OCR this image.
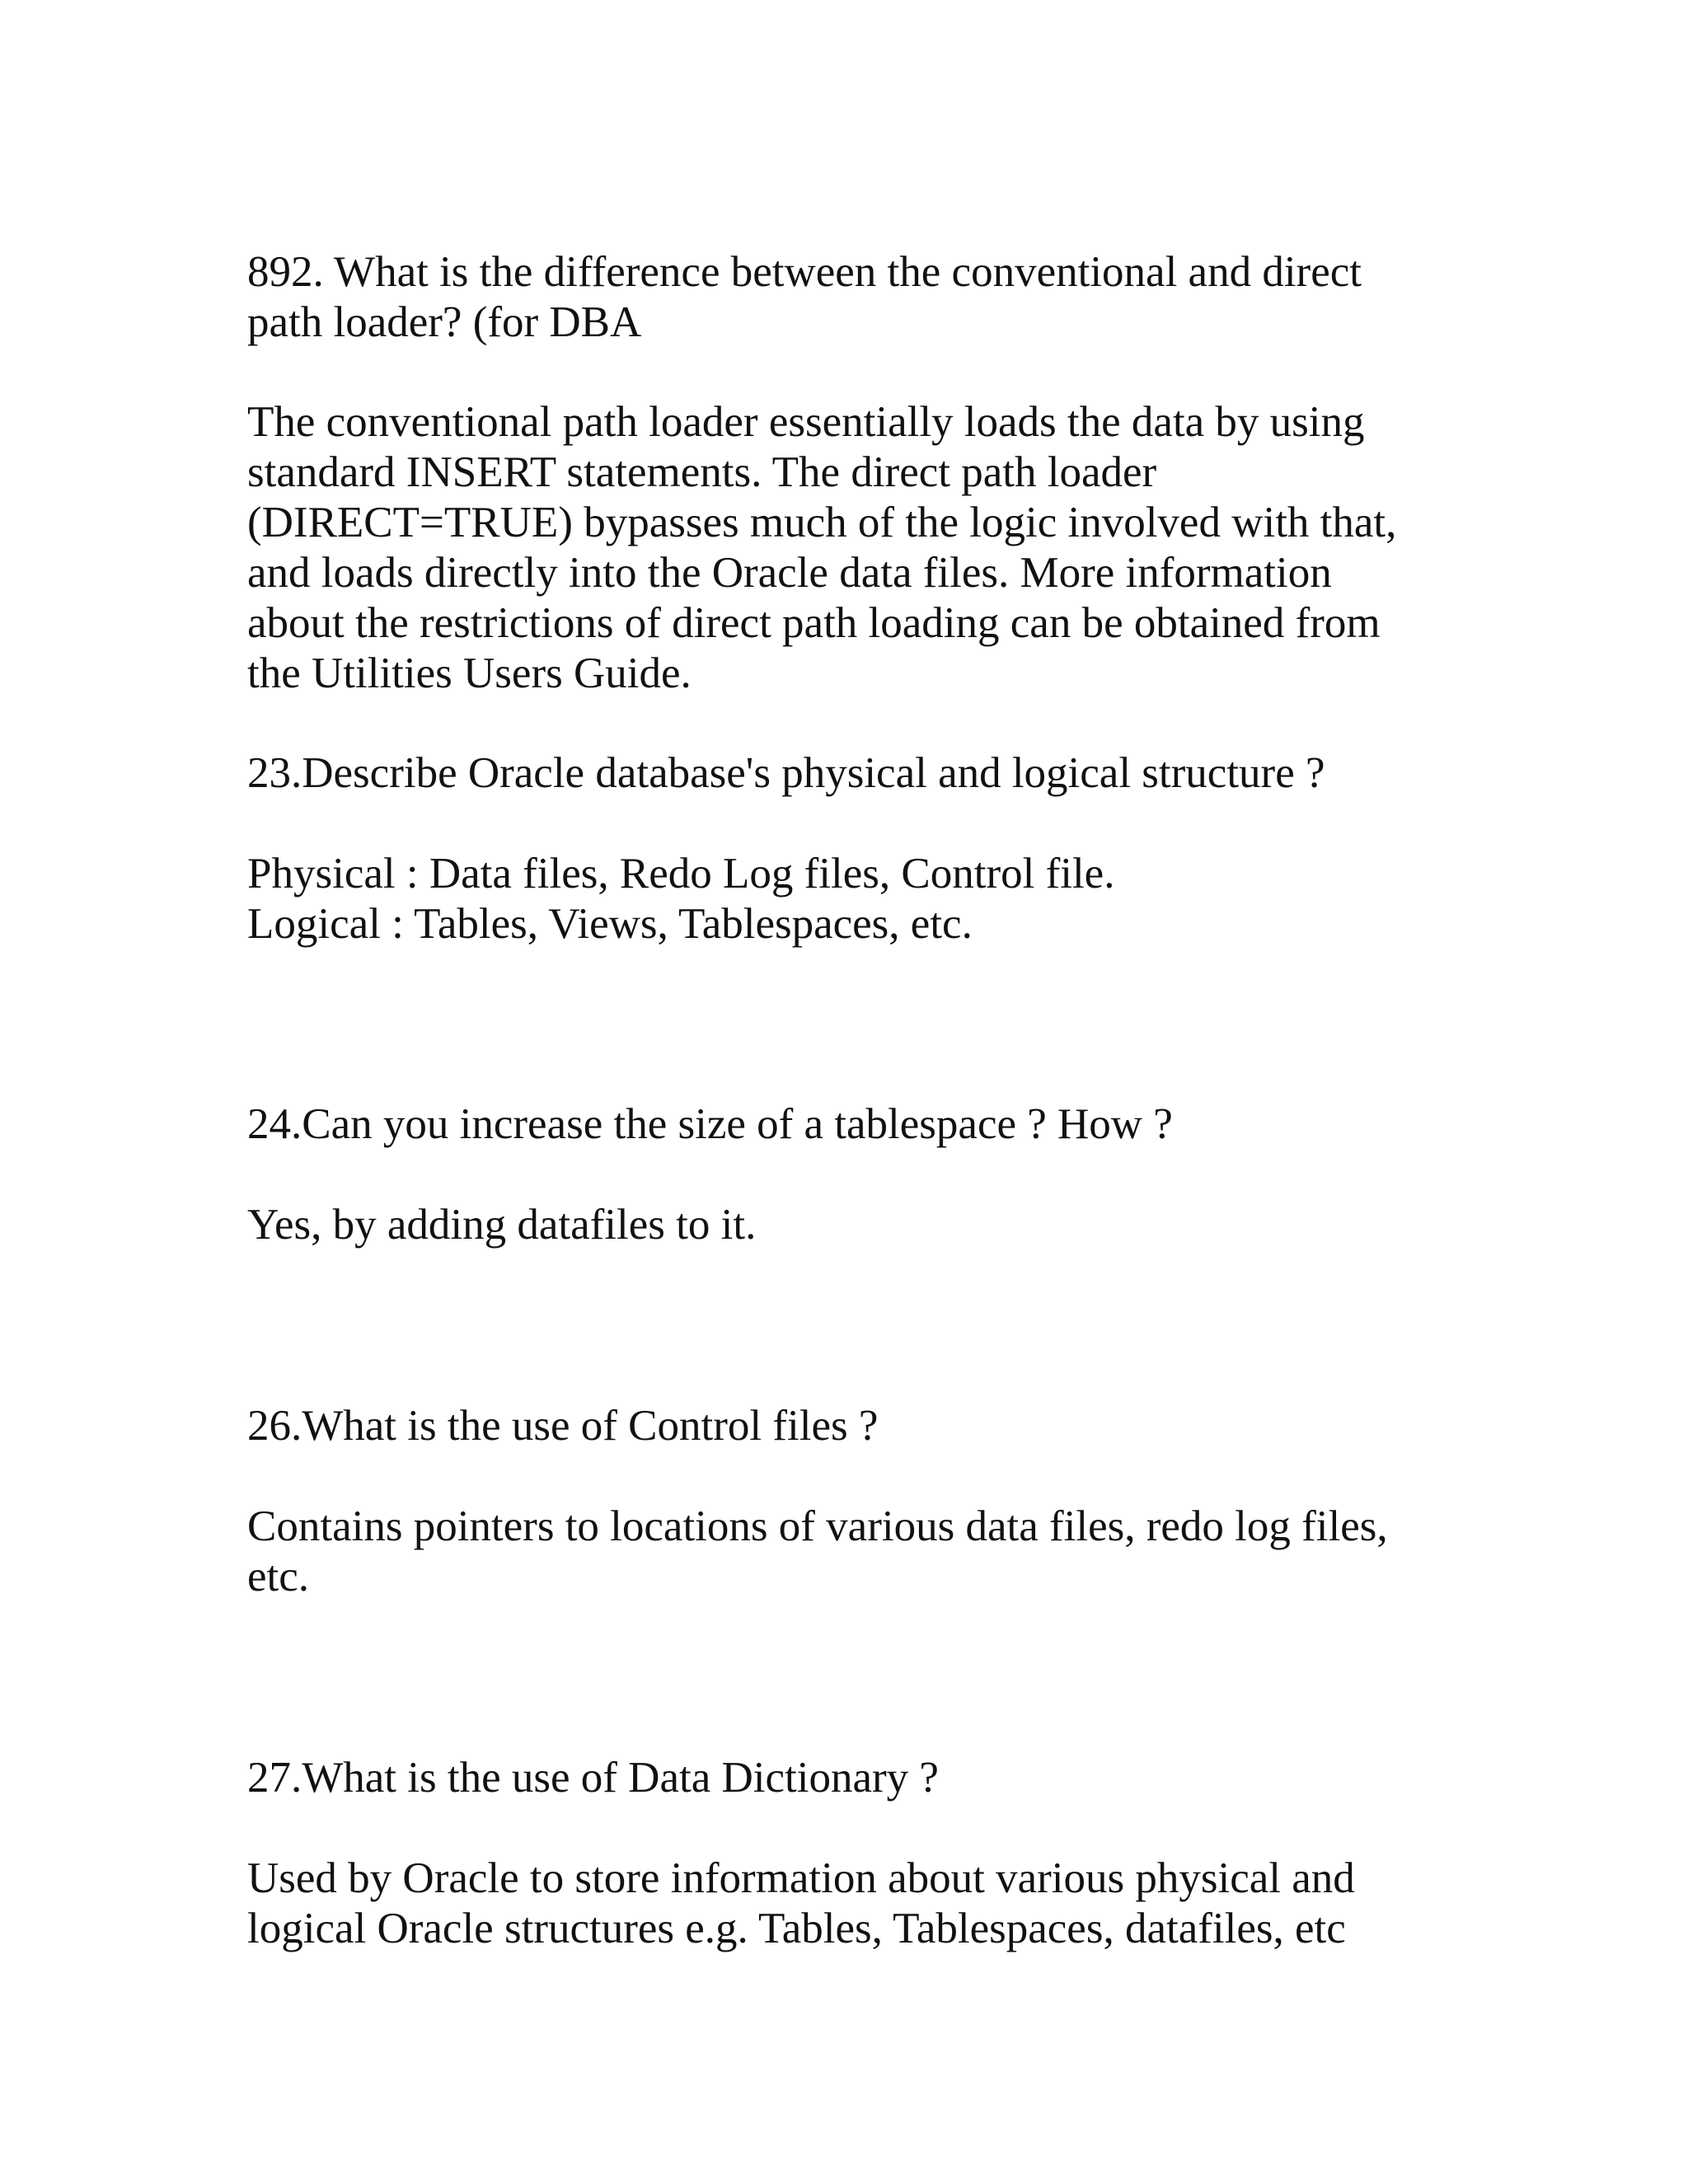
892. What is the difference between the conventional and direct
path loader? (for DBA
The conventional path loader essentially loads the data by using
standard INSERT statements. The direct path loader
(DIRECT=TRUE) bypasses much of the logic involved with that,
and loads directly into the Oracle data files. More information
about the restrictions of direct path loading can be obtained from
the Utilities Users Guide.
23.Describe Oracle database's physical and logical structure ?
Physical : Data files, Redo Log files, Control file.
Logical : Tables, Views, Tablespaces, etc.
24.Can you increase the size of a tablespace ? How ?
Yes, by adding datafiles to it.
26.What is the use of Control files ?
Contains pointers to locations of various data files, redo log files,
etc.
27.What is the use of Data Dictionary ?
Used by Oracle to store information about various physical and
logical Oracle structures e.g. Tables, Tablespaces, datafiles, etc
